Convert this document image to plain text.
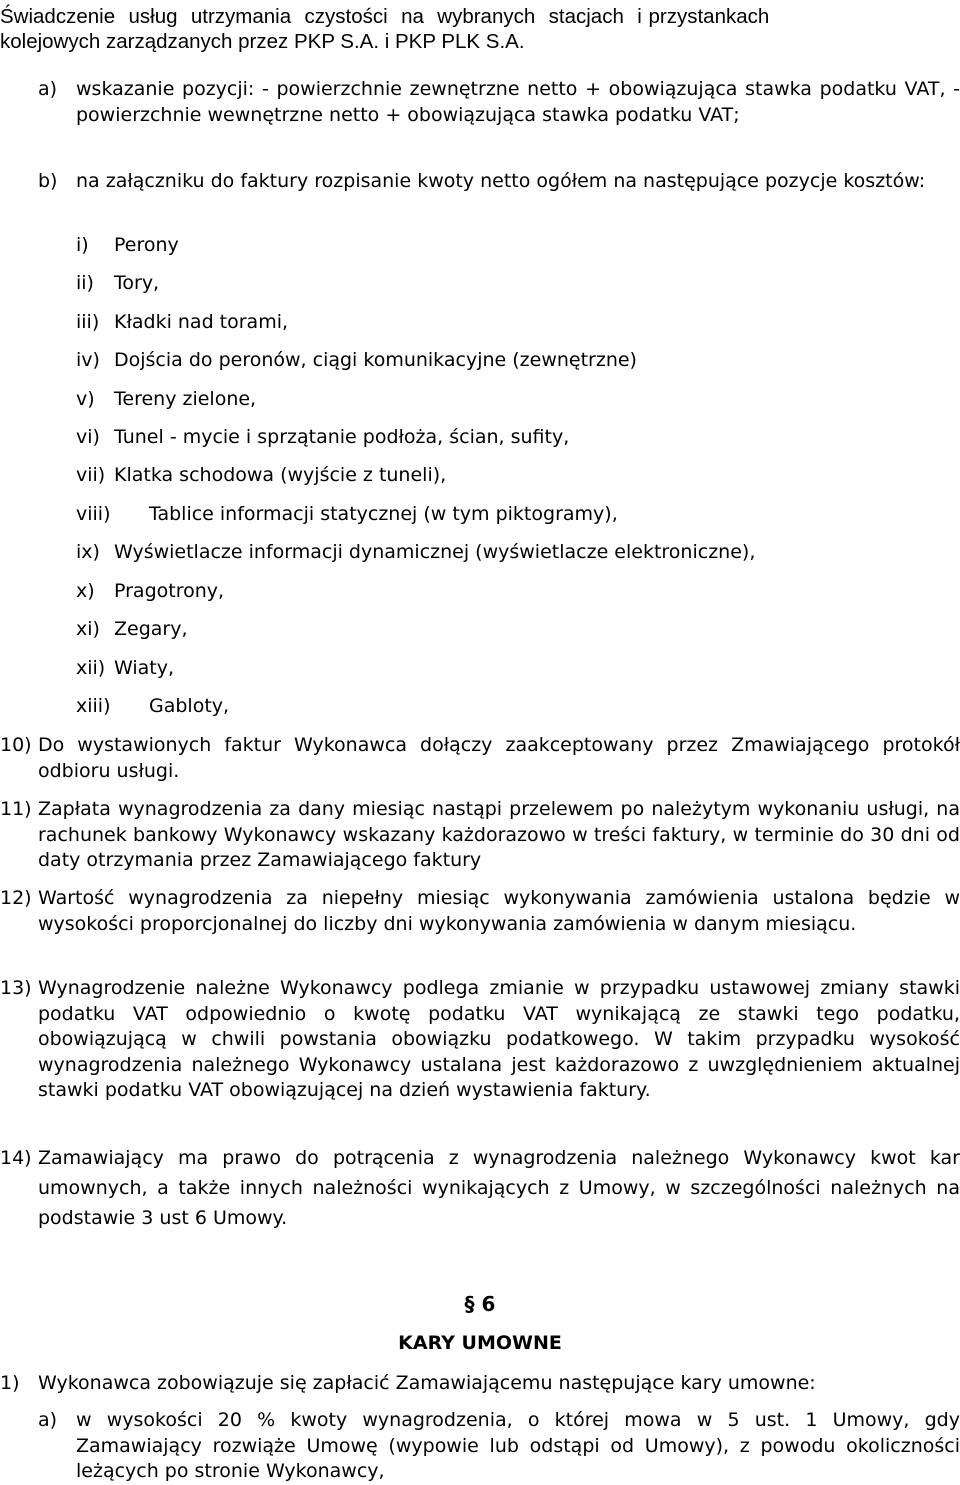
Świadczenie  usług  utrzymania  czystości  na  wybranych  stacjach  i przystankach
kolejowych zarządzanych przez PKP S.A. i PKP PLK S.A.
a) wskazanie pozycji: - powierzchnie zewnętrzne netto + obowiązująca stawka podatku VAT, - powierzchnie wewnętrzne netto + obowiązująca stawka podatku VAT;
b) na załączniku do faktury rozpisanie kwoty netto ogółem na następujące pozycje kosztów:
i)	Perony
ii)	Tory,
iii) Kładki nad torami,
iv) Dojścia do peronów, ciągi komunikacyjne (zewnętrzne)
v)	Tereny zielone,
vi) Tunel - mycie i sprzątanie podłoża, ścian, sufity,
vii) Klatka schodowa (wyjście z tuneli),
viii) Tablice informacji statycznej (w tym piktogramy),
ix) Wyświetlacze informacji dynamicznej (wyświetlacze elektroniczne),
x)	Pragotrony,
xi) Zegary,
xii) Wiaty,
xiii) Gabloty,
10) Do wystawionych faktur Wykonawca dołączy zaakceptowany przez Zmawiającego protokół odbioru usługi.
11) Zapłata wynagrodzenia za dany miesiąc nastąpi przelewem po należytym wykonaniu usługi, na rachunek bankowy Wykonawcy wskazany każdorazowo w treści faktury, w terminie do 30 dni od daty otrzymania przez Zamawiającego faktury
12) Wartość wynagrodzenia za niepełny miesiąc wykonywania zamówienia ustalona będzie w wysokości proporcjonalnej do liczby dni wykonywania zamówienia w danym miesiącu.
13) Wynagrodzenie należne Wykonawcy podlega zmianie w przypadku ustawowej zmiany stawki podatku VAT odpowiednio o kwotę podatku VAT wynikającą ze stawki tego podatku, obowiązującą w chwili powstania obowiązku podatkowego. W takim przypadku wysokość wynagrodzenia należnego Wykonawcy ustalana jest każdorazowo z uwzględnieniem aktualnej stawki podatku VAT obowiązującej na dzień wystawienia faktury.
14) Zamawiający ma prawo do potrącenia z wynagrodzenia należnego Wykonawcy kwot kar umownych, a także innych należności wynikających z Umowy, w szczególności należnych na podstawie 3 ust 6 Umowy.
§ 6
KARY UMOWNE
1) Wykonawca zobowiązuje się zapłacić Zamawiającemu następujące kary umowne:
a) w wysokości 20 % kwoty wynagrodzenia, o której mowa w 5 ust. 1 Umowy, gdy Zamawiający rozwiąże Umowę (wypowie lub odstąpi od Umowy), z powodu okoliczności leżących po stronie Wykonawcy,
